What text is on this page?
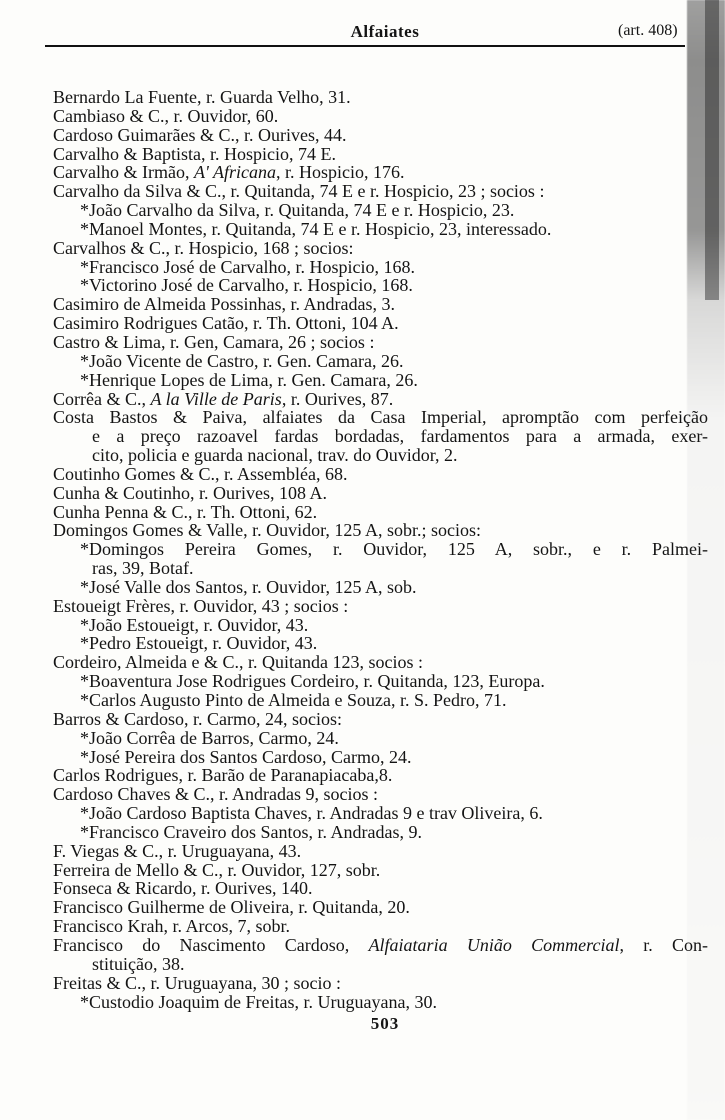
Alfaiates	(art. 408)
Bernardo La Fuente, r. Guarda Velho, 31.
Cambiaso & C., r. Ouvidor, 60.
Cardoso Guimarães & C., r. Ourives, 44.
Carvalho & Baptista, r. Hospicio, 74 E.
Carvalho & Irmão, A' Africana, r. Hospicio, 176.
Carvalho da Silva & C., r. Quitanda, 74 E e r. Hospicio, 23 ; socios :
*João Carvalho da Silva, r. Quitanda, 74 E e r. Hospicio, 23.
*Manoel Montes, r. Quitanda, 74 E e r. Hospicio, 23, interessado.
Carvalhos & C., r. Hospicio, 168 ; socios:
*Francisco José de Carvalho, r. Hospicio, 168.
*Victorino José de Carvalho, r. Hospicio, 168.
Casimiro de Almeida Possinhas, r. Andradas, 3.
Casimiro Rodrigues Catão, r. Th. Ottoni, 104 A.
Castro & Lima, r. Gen, Camara, 26 ; socios :
*João Vicente de Castro, r. Gen. Camara, 26.
*Henrique Lopes de Lima, r. Gen. Camara, 26.
Corrêa & C., A la Ville de Paris, r. Ourives, 87.
Costa Bastos & Paiva, alfaiates da Casa Imperial, apromptão com perfeição
e a preço razoavel fardas bordadas, fardamentos para a armada, exer-
cito, policia e guarda nacional, trav. do Ouvidor, 2.
Coutinho Gomes & C., r. Assembléa, 68.
Cunha & Coutinho, r. Ourives, 108 A.
Cunha Penna & C., r. Th. Ottoni, 62.
Domingos Gomes & Valle, r. Ouvidor, 125 A, sobr.; socios:
*Domingos Pereira Gomes, r. Ouvidor, 125 A, sobr., e r. Palmei-
ras, 39, Botaf.
*José Valle dos Santos, r. Ouvidor, 125 A, sob.
Estoueigt Frères, r. Ouvidor, 43 ; socios :
*João Estoueigt, r. Ouvidor, 43.
*Pedro Estoueigt, r. Ouvidor, 43.
Cordeiro, Almeida e & C., r. Quitanda 123, socios :
*Boaventura Jose Rodrigues Cordeiro, r. Quitanda, 123, Europa.
*Carlos Augusto Pinto de Almeida e Souza, r. S. Pedro, 71.
Barros & Cardoso, r. Carmo, 24, socios:
*João Corrêa de Barros, Carmo, 24.
*José Pereira dos Santos Cardoso, Carmo, 24.
Carlos Rodrigues, r. Barão de Paranapiacaba,8.
Cardoso Chaves & C., r. Andradas 9, socios :
*João Cardoso Baptista Chaves, r. Andradas 9 e trav Oliveira, 6.
*Francisco Craveiro dos Santos, r. Andradas, 9.
F. Viegas & C., r. Uruguayana, 43.
Ferreira de Mello & C., r. Ouvidor, 127, sobr.
Fonseca & Ricardo, r. Ourives, 140.
Francisco Guilherme de Oliveira, r. Quitanda, 20.
Francisco Krah, r. Arcos, 7, sobr.
Francisco do Nascimento Cardoso, Alfaiataria União Commercial, r. Con-
stituição, 38.
Freitas & C., r. Uruguayana, 30 ; socio :
*Custodio Joaquim de Freitas, r. Uruguayana, 30.
503
